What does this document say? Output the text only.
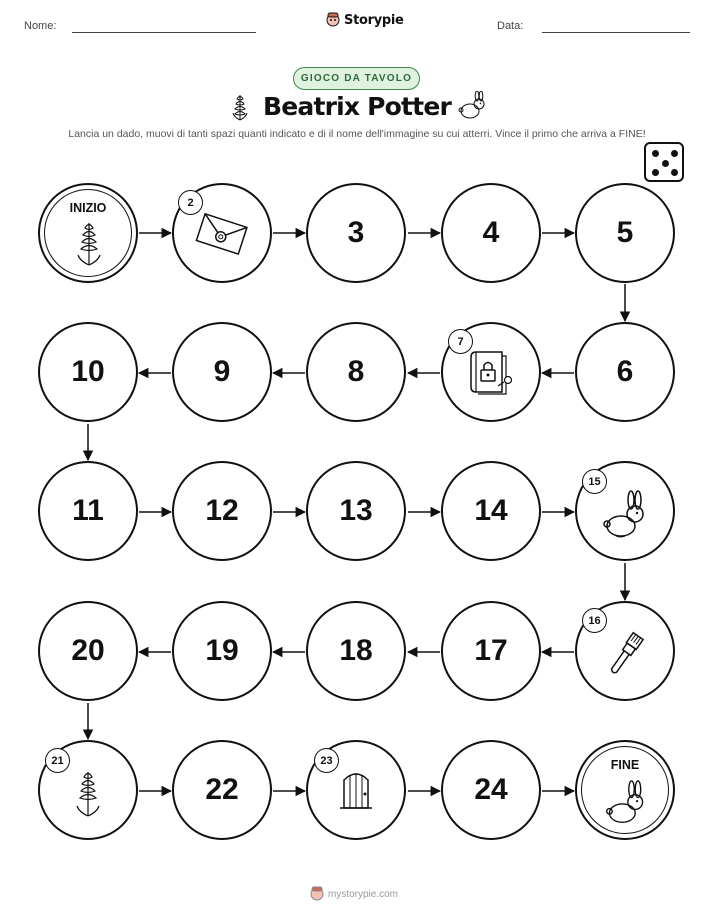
Nome:	Storypie	Data:
GIOCO DA TAVOLO
Beatrix Potter
Lancia un dado, muovi di tanti spazi quanti indicato e di il nome dell'immagine su cui atterri. Vince il primo che arriva a FINE!
INIZIO	2
3	4	5
10	9	8
7
6
11	12	13	14
15
20	19	18	17
16
21
22
23
24
FINE
mystorypie.com
